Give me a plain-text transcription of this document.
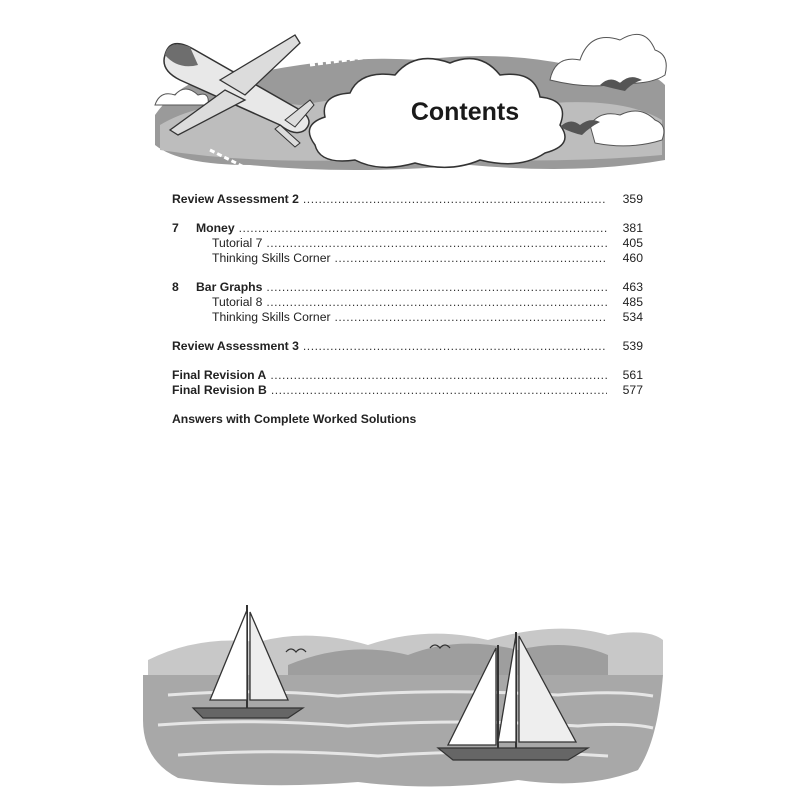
Contents
Review Assessment 2 .....	359
7	Money .....	381
Tutorial 7 .....	405
Thinking Skills Corner .....	460
8	Bar Graphs .....	463
Tutorial 8 .....	485
Thinking Skills Corner .....	534
Review Assessment 3 .....	539
Final Revision A .....	561
Final Revision B .....	577
Answers with Complete Worked Solutions
